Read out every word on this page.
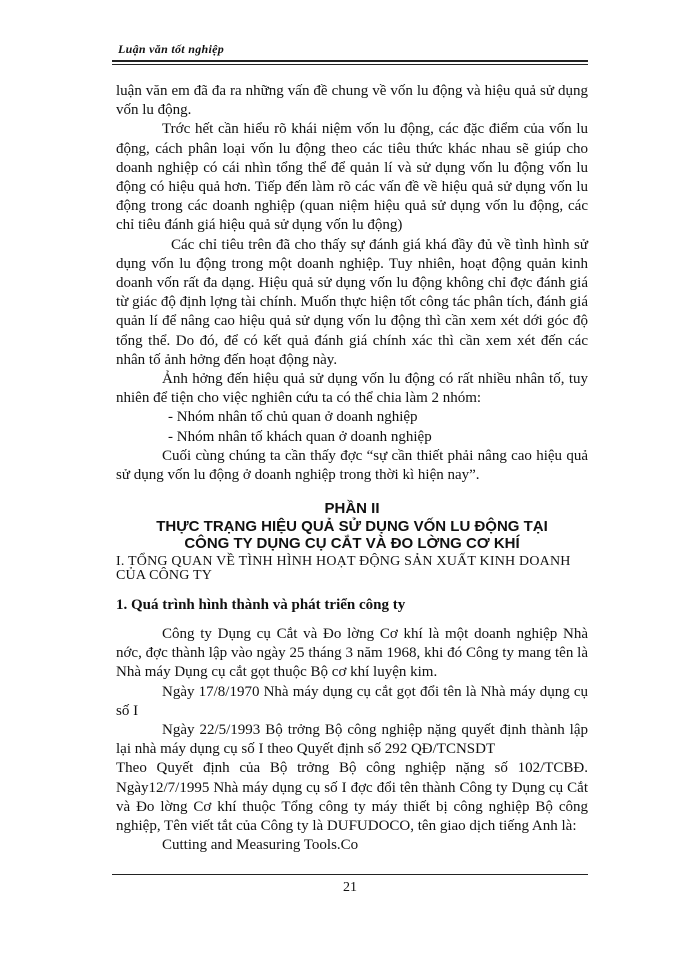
Luận văn tốt nghiệp

luận văn em đã đa ra những vấn đề chung về vốn lu động và hiệu quả sử dụng vốn lu động.

Trớc hết cần hiểu rõ khái niệm vốn lu động, các đặc điểm của vốn lu động, cách phân loại vốn lu động theo các tiêu thức khác nhau sẽ giúp cho doanh nghiệp có cái nhìn tổng thể để quản lí và sử dụng vốn lu động vốn lu động có hiệu quả hơn. Tiếp đến làm rõ các vấn đề về hiệu quả sử dụng vốn lu động trong các doanh nghiệp (quan niệm hiệu quả sử dụng vốn lu động, các chỉ tiêu đánh giá hiệu quả sử dụng vốn lu động)

Các chỉ tiêu trên đã cho thấy sự đánh giá khá đầy đủ về tình hình sử dụng vốn lu động trong một doanh nghiệp. Tuy nhiên, hoạt động quản kinh doanh vốn rất đa dạng. Hiệu quả sử dụng vốn lu động không chỉ đợc đánh giá từ giác độ định lợng tài chính. Muốn thực hiện tốt công tác phân tích, đánh giá quản lí để nâng cao hiệu quả sử dụng vốn lu động thì cần xem xét dới góc độ tổng thể. Do đó, để có kết quả đánh giá chính xác thì cần xem xét đến các nhân tố ảnh hởng đến hoạt động này.

Ảnh hởng đến hiệu quả sử dụng vốn lu động có rất nhiều nhân tố, tuy nhiên để tiện cho việc nghiên cứu ta có thể chia làm 2 nhóm:

- Nhóm nhân tố chủ quan ở doanh nghiệp

- Nhóm nhân tố khách quan ở doanh nghiệp

Cuối cùng chúng ta cần thấy đợc “sự cần thiết phải nâng cao hiệu quả sử dụng vốn lu động ở doanh nghiệp trong thời kì hiện nay”.

PHẦN II
THỰC TRẠNG HIỆU QUẢ SỬ DỤNG VỐN LU ĐỘNG TẠI
CÔNG TY DỤNG CỤ CẮT VÀ ĐO LỜNG CƠ KHÍ
I. TỔNG QUAN VỀ TÌNH HÌNH HOẠT ĐỘNG SẢN XUẤT KINH DOANH CỦA CÔNG TY
1. Quá trình hình thành và phát triển công ty

Công ty Dụng cụ Cắt và Đo lờng Cơ khí là một doanh nghiệp Nhà nớc, đợc thành lập vào ngày 25 tháng 3 năm 1968, khi đó Công ty mang tên là Nhà máy Dụng cụ cắt gọt thuộc Bộ cơ khí luyện kim.

Ngày 17/8/1970 Nhà máy dụng cụ cắt gọt đổi tên là Nhà máy dụng cụ số I

Ngày 22/5/1993 Bộ trởng Bộ công nghiệp nặng quyết định thành lập lại nhà máy dụng cụ số I theo Quyết định số 292 QĐ/TCNSDT

Theo Quyết định của Bộ trởng Bộ công nghiệp nặng số 102/TCBĐ. Ngày12/7/1995 Nhà máy dụng cụ số I đợc đổi tên thành Công ty Dụng cụ Cắt và Đo lờng Cơ khí thuộc Tổng công ty máy thiết bị công nghiệp Bộ công nghiệp, Tên viết tắt của Công ty là DUFUDOCO, tên giao dịch tiếng Anh là:

Cutting and Measuring Tools.Co

21
